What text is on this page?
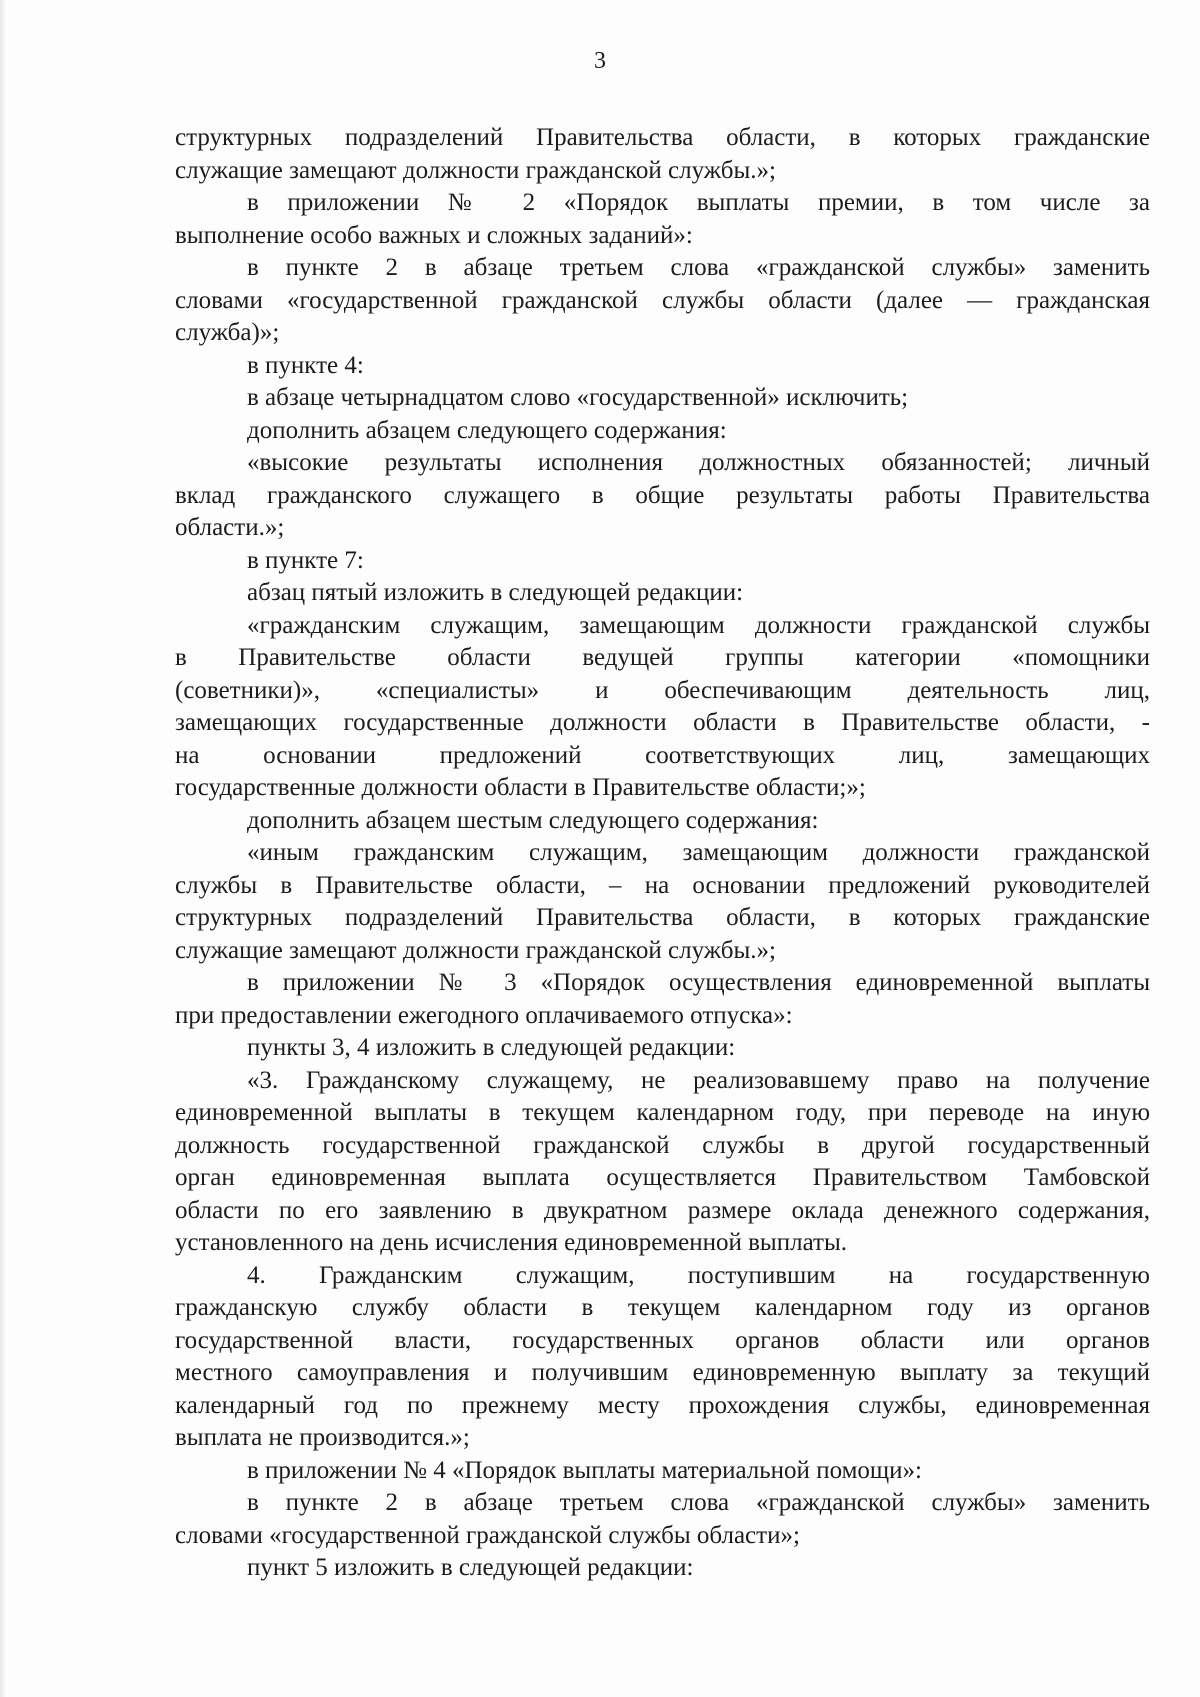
3
структурных подразделений Правительства области, в которых гражданские
служащие замещают должности гражданской службы.»;
в приложении № 2 «Порядок выплаты премии, в том числе за
выполнение особо важных и сложных заданий»:
в пункте 2 в абзаце третьем слова «гражданской службы» заменить
словами «государственной гражданской службы области (далее — гражданская
служба)»;
в пункте 4:
в абзаце четырнадцатом слово «государственной» исключить;
дополнить абзацем следующего содержания:
«высокие результаты исполнения должностных обязанностей; личный
вклад гражданского служащего в общие результаты работы Правительства
области.»;
в пункте 7:
абзац пятый изложить в следующей редакции:
«гражданским служащим, замещающим должности гражданской службы
в Правительстве области ведущей группы категории «помощники
(советники)», «специалисты» и обеспечивающим деятельность лиц,
замещающих государственные должности области в Правительстве области, -
на основании предложений соответствующих лиц, замещающих
государственные должности области в Правительстве области;»;
дополнить абзацем шестым следующего содержания:
«иным гражданским служащим, замещающим должности гражданской
службы в Правительстве области, – на основании предложений руководителей
структурных подразделений Правительства области, в которых гражданские
служащие замещают должности гражданской службы.»;
в приложении № 3 «Порядок осуществления единовременной выплаты
при предоставлении ежегодного оплачиваемого отпуска»:
пункты 3, 4 изложить в следующей редакции:
«3. Гражданскому служащему, не реализовавшему право на получение
единовременной выплаты в текущем календарном году, при переводе на иную
должность государственной гражданской службы в другой государственный
орган единовременная выплата осуществляется Правительством Тамбовской
области по его заявлению в двукратном размере оклада денежного содержания,
установленного на день исчисления единовременной выплаты.
4. Гражданским служащим, поступившим на государственную
гражданскую службу области в текущем календарном году из органов
государственной власти, государственных органов области или органов
местного самоуправления и получившим единовременную выплату за текущий
календарный год по прежнему месту прохождения службы, единовременная
выплата не производится.»;
в приложении № 4 «Порядок выплаты материальной помощи»:
в пункте 2 в абзаце третьем слова «гражданской службы» заменить
словами «государственной гражданской службы области»;
пункт 5 изложить в следующей редакции:
